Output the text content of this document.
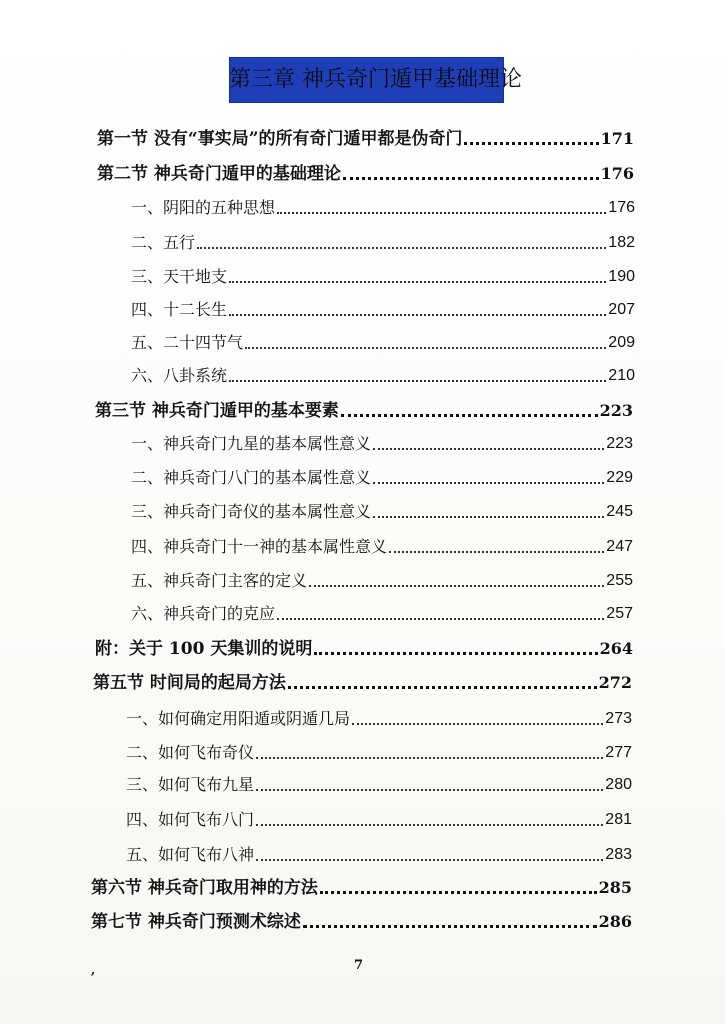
第三章 神兵奇门遁甲基础理论
第一节 没有“事实局”的所有奇门遁甲都是伪奇门	171
第二节 神兵奇门遁甲的基础理论	176
一、阴阳的五种思想	176
二、五行	182
三、天干地支	190
四、十二长生	207
五、二十四节气	209
六、八卦系统	210
第三节 神兵奇门遁甲的基本要素	223
一、神兵奇门九星的基本属性意义	223
二、神兵奇门八门的基本属性意义	229
三、神兵奇门奇仪的基本属性意义	245
四、神兵奇门十一神的基本属性意义	247
五、神兵奇门主客的定义	255
六、神兵奇门的克应	257
附：关于 100 天集训的说明	264
第五节 时间局的起局方法	272
一、如何确定用阳遁或阴遁几局	273
二、如何飞布奇仪	277
三、如何飞布九星	280
四、如何飞布八门	281
五、如何飞布八神	283
第六节 神兵奇门取用神的方法	285
第七节 神兵奇门预测术综述	286
,	7
